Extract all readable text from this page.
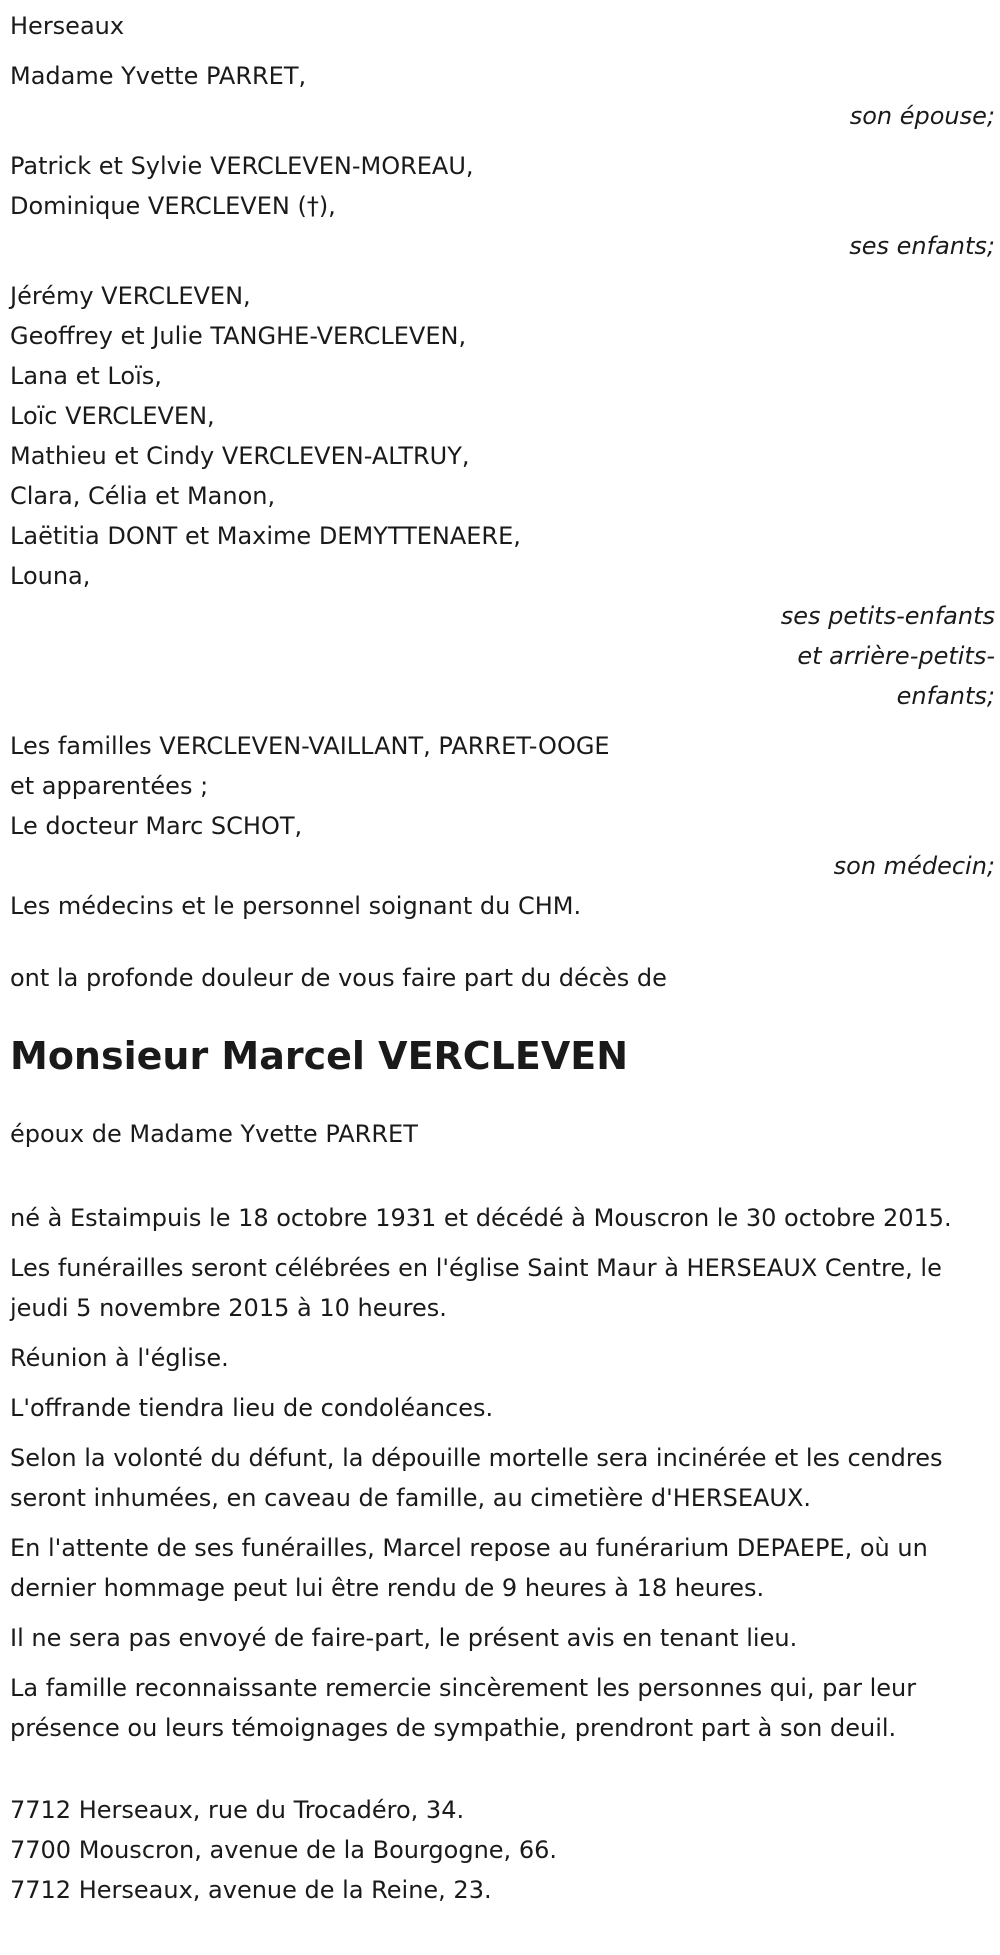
Herseaux

Madame Yvette PARRET,

son épouse;

Patrick et Sylvie VERCLEVEN-MOREAU,

Dominique VERCLEVEN (†),

ses enfants;

Jérémy VERCLEVEN,

Geoffrey et Julie TANGHE-VERCLEVEN,

Lana et Loïs,

Loïc VERCLEVEN,

Mathieu et Cindy VERCLEVEN-ALTRUY,

Clara, Célia et Manon,

Laëtitia DONT et Maxime DEMYTTENAERE,

Louna,

ses petits-enfants

et arrière-petits-

enfants;

Les familles VERCLEVEN-VAILLANT, PARRET-OOGE

et apparentées ;

Le docteur Marc SCHOT,

son médecin;

Les médecins et le personnel soignant du CHM.

ont la profonde douleur de vous faire part du décès de

Monsieur Marcel VERCLEVEN

époux de Madame Yvette PARRET

né à Estaimpuis le 18 octobre 1931 et décédé à Mouscron le 30 octobre 2015.

Les funérailles seront célébrées en l'église Saint Maur à HERSEAUX Centre, le jeudi 5 novembre 2015 à 10 heures.

Réunion à l'église.

L'offrande tiendra lieu de condoléances.

Selon la volonté du défunt, la dépouille mortelle sera incinérée et les cendres seront inhumées, en caveau de famille, au cimetière d'HERSEAUX.

En l'attente de ses funérailles, Marcel repose au funérarium DEPAEPE, où un dernier hommage peut lui être rendu de 9 heures à 18 heures.

Il ne sera pas envoyé de faire-part, le présent avis en tenant lieu.

La famille reconnaissante remercie sincèrement les personnes qui, par leur présence ou leurs témoignages de sympathie, prendront part à son deuil.

7712 Herseaux, rue du Trocadéro, 34.

7700 Mouscron, avenue de la Bourgogne, 66.

7712 Herseaux, avenue de la Reine, 23.
